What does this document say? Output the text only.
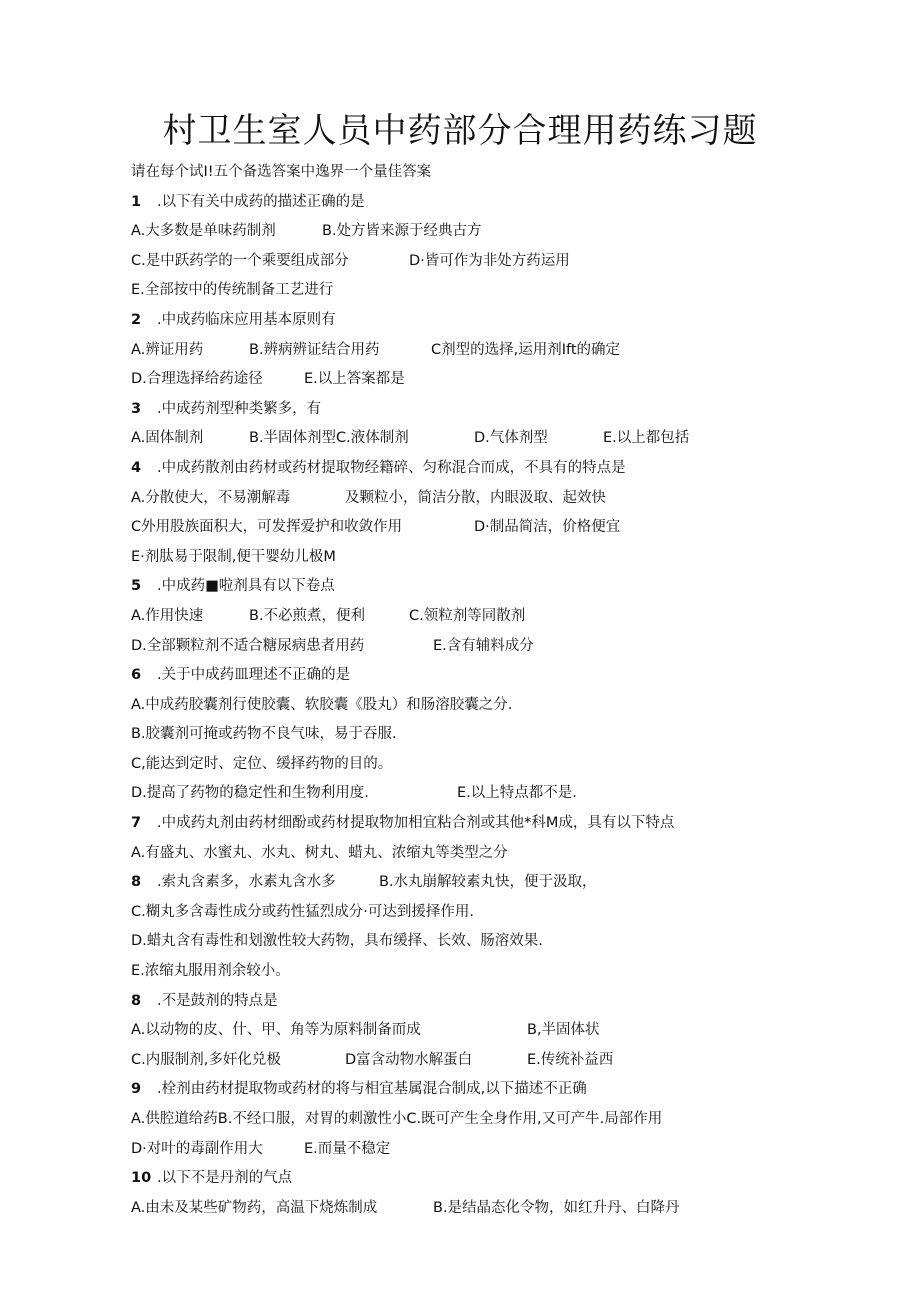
村卫生室人员中药部分合理用药练习题
请在每个试I!五个备选答案中逸界一个量佳答案
1 .以下有关中成药的描述正确的是
A.大多数是单味药制剂	B.处方皆来源于经典古方
C.是中跃药学的一个乘要组成部分	D·皆可作为非处方药运用
E.全部按中的传统制备工艺进行
2 .中成药临床应用基本原则有
A.辨证用药	B.辨病辨证结合用药	C剂型的选择,运用剂Ift的确定
D.合理选择给药途径	E.以上答案都是
3 .中成药剂型种类繁多，有
A.固体制剂	B.半固体剂型C.液体制剂	D.气体剂型	E.以上都包括
4 .中成药散剂由药材或药材提取物经籍碎、匀称混合而成，不具有的特点是
A.分散使大，不易潮解毒	及颗粒小，简洁分散，内眼汲取、起效快
C外用股族面积大，可发挥爱护和收敛作用	D·制品简洁，价格便宜
E·剂肽易于限制,便干婴幼儿极M
5 .中成药■啦剂具有以下卷点
A.作用快速	B.不必煎煮，便利	C.领粒剂等同散剂
D.全部颗粒剂不适合糖尿病患者用药	E.含有辅料成分
6 .关于中成药皿理述不正确的是
A.中成药胶囊剂行使胶囊、软胶囊《股丸）和肠溶胶囊之分.
B.胶囊剂可掩或药物不良气味，易于吞服.
C,能达到定时、定位、缓择药物的目的。
D.提高了药物的稳定性和生物利用度.	E.以上特点都不是.
7 .中成药丸剂由药材细酚或药材提取物加相宜粘合剂或其他*科M成，具有以下特点
A.有盛丸、水蜜丸、水丸、树丸、蜡丸、浓缩丸等类型之分
8 .索丸含素多，水素丸含水多	B.水丸崩解较素丸快，便于汲取，
C.糊丸多含毒性成分或药性猛烈成分·可达到援择作用.
D.蜡丸含有毒性和划激性较大药物，具布缓择、长效、肠溶效果.
E.浓缩丸服用剂余较小。
8 .不是鼓剂的特点是
A.以动物的皮、什、甲、角等为原料制备而成	B,半固体状
C.内服制剂,多奸化兑极	D富含动物水解蛋白	E.传统补益西
9 .栓剂由药材提取物或药材的将与相宜基属混合制成,以下描述不正确
A.供腔道给药B.不经口服，对胃的刺激性小C.既可产生全身作用,又可产牛.局部作用
D·对叶的毒副作用大	E.而量不稳定
10 .以下不是丹剂的气点
A.由未及某些矿物药，高温下烧炼制成	B.是结晶态化令物，如红升丹、白降丹
